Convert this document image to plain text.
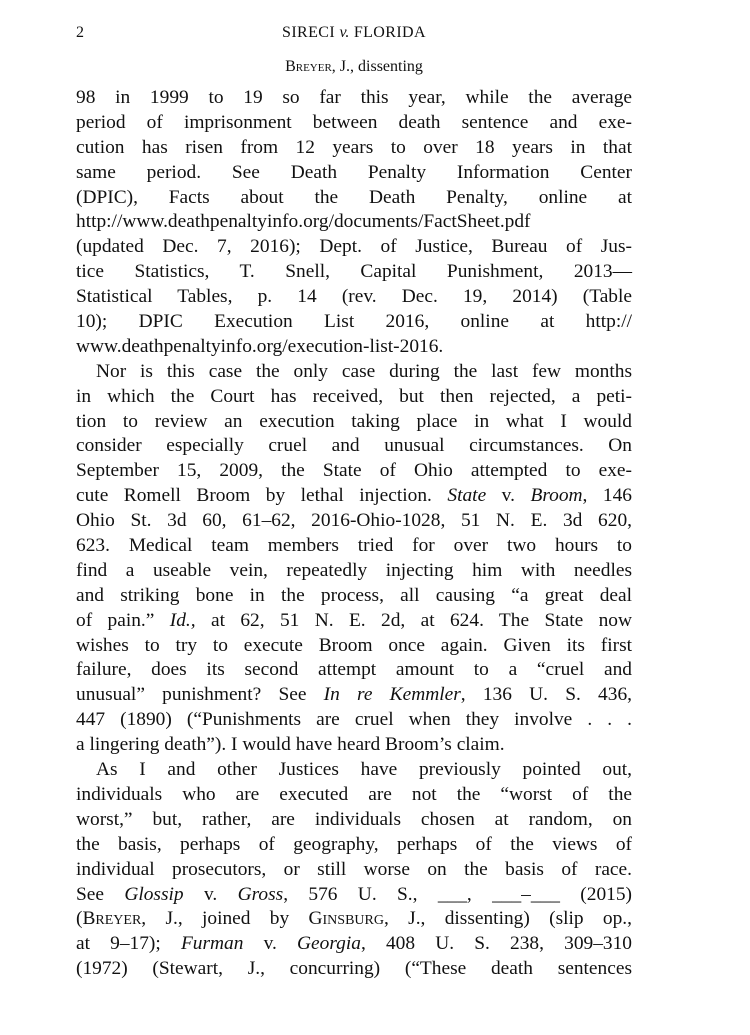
2	SIRECI v. FLORIDA
Breyer, J., dissenting
98 in 1999 to 19 so far this year, while the average
period of imprisonment between death sentence and exe-
cution has risen from 12 years to over 18 years in that
same period. See Death Penalty Information Center
(DPIC), Facts about the Death Penalty, online at
http://www.deathpenaltyinfo.org/documents/FactSheet.pdf
(updated Dec. 7, 2016); Dept. of Justice, Bureau of Jus-
tice Statistics, T. Snell, Capital Punishment, 2013—
Statistical Tables, p. 14 (rev. Dec. 19, 2014) (Table
10); DPIC Execution List 2016, online at http://
www.deathpenaltyinfo.org/execution-list-2016.
Nor is this case the only case during the last few months
in which the Court has received, but then rejected, a peti-
tion to review an execution taking place in what I would
consider especially cruel and unusual circumstances. On
September 15, 2009, the State of Ohio attempted to exe-
cute Romell Broom by lethal injection. State v. Broom, 146
Ohio St. 3d 60, 61–62, 2016-Ohio-1028, 51 N. E. 3d 620,
623. Medical team members tried for over two hours to
find a useable vein, repeatedly injecting him with needles
and striking bone in the process, all causing “a great deal
of pain.” Id., at 62, 51 N. E. 2d, at 624. The State now
wishes to try to execute Broom once again. Given its first
failure, does its second attempt amount to a “cruel and
unusual” punishment? See In re Kemmler, 136 U. S. 436,
447 (1890) (“Punishments are cruel when they involve . . .
a lingering death”). I would have heard Broom’s claim.
As I and other Justices have previously pointed out,
individuals who are executed are not the “worst of the
worst,” but, rather, are individuals chosen at random, on
the basis, perhaps of geography, perhaps of the views of
individual prosecutors, or still worse on the basis of race.
See Glossip v. Gross, 576 U. S., ___, ___–___ (2015)
(Breyer, J., joined by Ginsburg, J., dissenting) (slip op.,
at 9–17); Furman v. Georgia, 408 U. S. 238, 309–310
(1972) (Stewart, J., concurring) (“These death sentences
